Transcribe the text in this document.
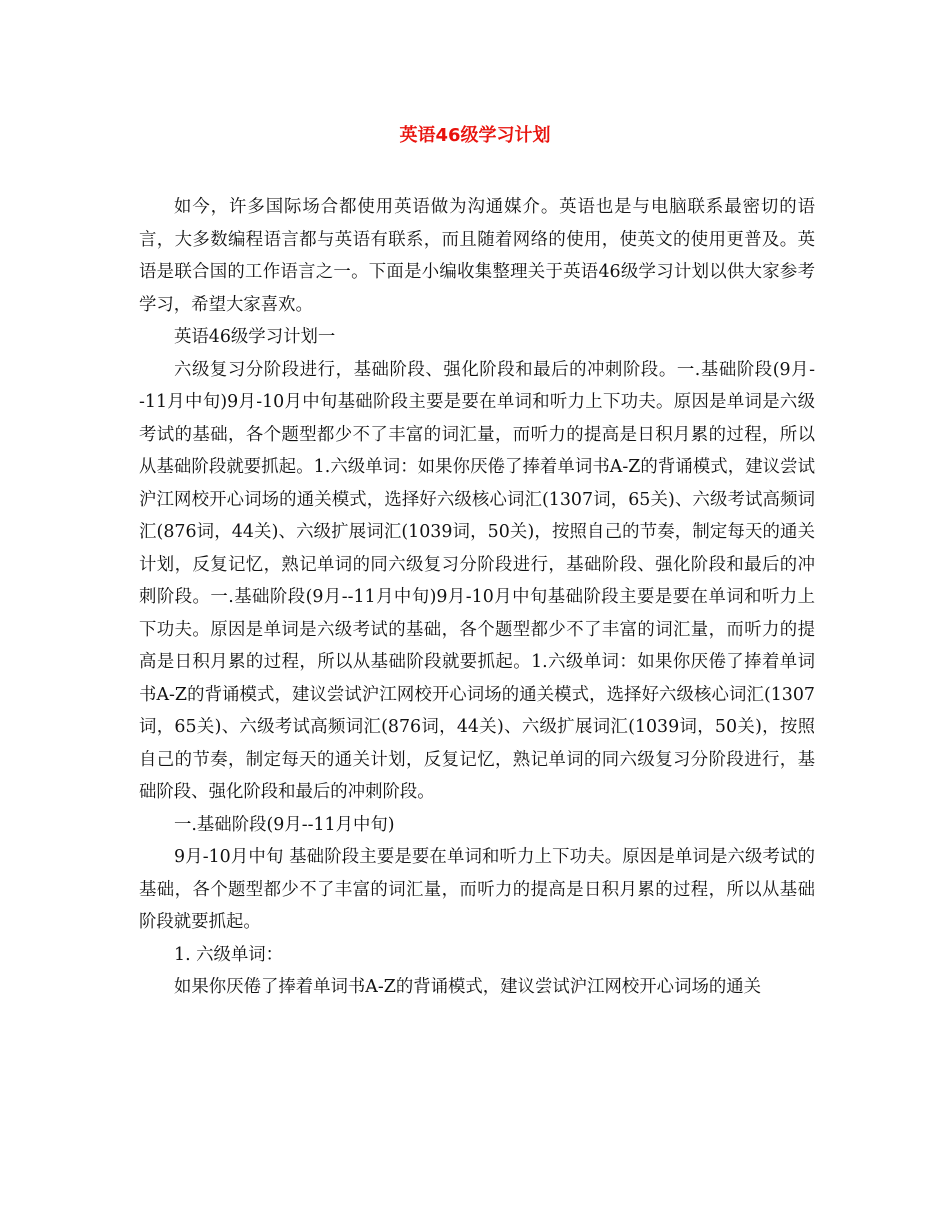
英语46级学习计划

如今，许多国际场合都使用英语做为沟通媒介。英语也是与电脑联系最密切的语言，大多数编程语言都与英语有联系，而且随着网络的使用，使英文的使用更普及。英语是联合国的工作语言之一。下面是小编收集整理关于英语46级学习计划以供大家参考学习，希望大家喜欢。

英语46级学习计划一

六级复习分阶段进行，基础阶段、强化阶段和最后的冲刺阶段。一.基础阶段(9月--11月中旬)9月-10月中旬基础阶段主要是要在单词和听力上下功夫。原因是单词是六级考试的基础，各个题型都少不了丰富的词汇量，而听力的提高是日积月累的过程，所以从基础阶段就要抓起。1.六级单词：如果你厌倦了捧着单词书A-Z的背诵模式，建议尝试沪江网校开心词场的通关模式，选择好六级核心词汇(1307词，65关)、六级考试高频词汇(876词，44关)、六级扩展词汇(1039词，50关)，按照自己的节奏，制定每天的通关计划，反复记忆，熟记单词的同六级复习分阶段进行，基础阶段、强化阶段和最后的冲刺阶段。一.基础阶段(9月--11月中旬)9月-10月中旬基础阶段主要是要在单词和听力上下功夫。原因是单词是六级考试的基础，各个题型都少不了丰富的词汇量，而听力的提高是日积月累的过程，所以从基础阶段就要抓起。1.六级单词：如果你厌倦了捧着单词书A-Z的背诵模式，建议尝试沪江网校开心词场的通关模式，选择好六级核心词汇(1307词，65关)、六级考试高频词汇(876词，44关)、六级扩展词汇(1039词，50关)，按照自己的节奏，制定每天的通关计划，反复记忆，熟记单词的同六级复习分阶段进行，基础阶段、强化阶段和最后的冲刺阶段。

一.基础阶段(9月--11月中旬)

9月-10月中旬 基础阶段主要是要在单词和听力上下功夫。原因是单词是六级考试的基础，各个题型都少不了丰富的词汇量，而听力的提高是日积月累的过程，所以从基础阶段就要抓起。

1. 六级单词：

如果你厌倦了捧着单词书A-Z的背诵模式，建议尝试沪江网校开心词场的通关
